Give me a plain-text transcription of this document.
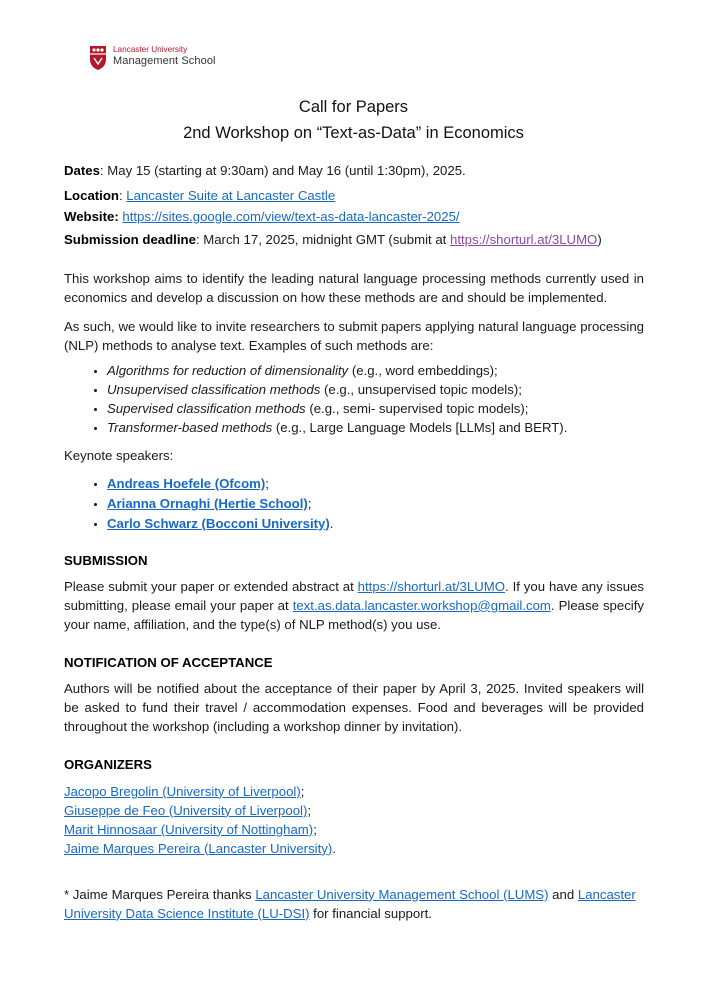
Lancaster University
Management School
Call for Papers
2nd Workshop on “Text-as-Data” in Economics

Dates: May 15 (starting at 9:30am) and May 16 (until 1:30pm), 2025.

Location: Lancaster Suite at Lancaster Castle

Website: https://sites.google.com/view/text-as-data-lancaster-2025/

Submission deadline: March 17, 2025, midnight GMT (submit at https://shorturl.at/3LUMO)

This workshop aims to identify the leading natural language processing methods currently used in economics and develop a discussion on how these methods are and should be implemented.

As such, we would like to invite researchers to submit papers applying natural language processing (NLP) methods to analyse text. Examples of such methods are:

• Algorithms for reduction of dimensionality (e.g., word embeddings);
• Unsupervised classification methods (e.g., unsupervised topic models);
• Supervised classification methods (e.g., semi- supervised topic models);
• Transformer-based methods (e.g., Large Language Models [LLMs] and BERT).

Keynote speakers:

• Andreas Hoefele (Ofcom);
• Arianna Ornaghi (Hertie School);
• Carlo Schwarz (Bocconi University).

SUBMISSION

Please submit your paper or extended abstract at https://shorturl.at/3LUMO. If you have any issues submitting, please email your paper at text.as.data.lancaster.workshop@gmail.com. Please specify your name, affiliation, and the type(s) of NLP method(s) you use.

NOTIFICATION OF ACCEPTANCE

Authors will be notified about the acceptance of their paper by April 3, 2025. Invited speakers will be asked to fund their travel / accommodation expenses. Food and beverages will be provided throughout the workshop (including a workshop dinner by invitation).

ORGANIZERS

Jacopo Bregolin (University of Liverpool);
Giuseppe de Feo (University of Liverpool);
Marit Hinnosaar (University of Nottingham);
Jaime Marques Pereira (Lancaster University).

* Jaime Marques Pereira thanks Lancaster University Management School (LUMS) and Lancaster University Data Science Institute (LU-DSI) for financial support.
